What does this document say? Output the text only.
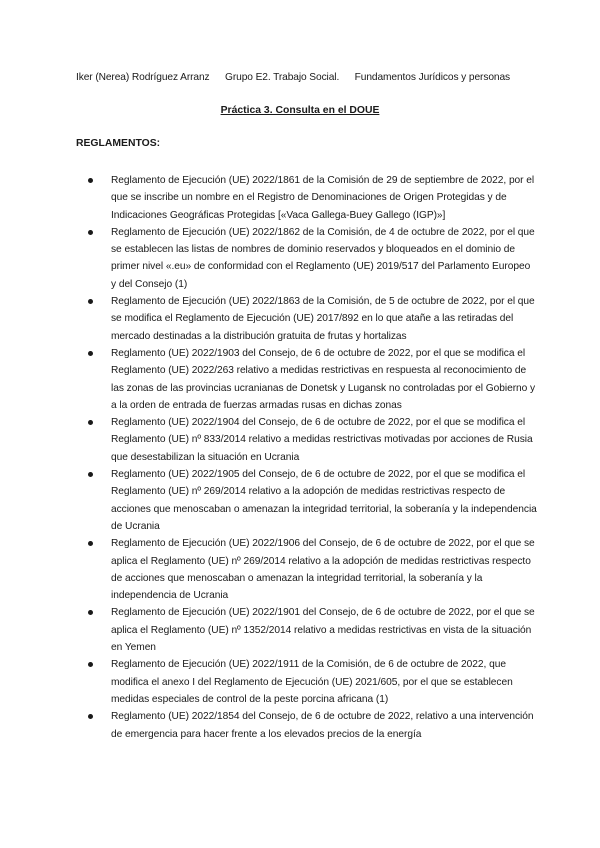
Iker (Nerea) Rodríguez Arranz Grupo E2. Trabajo Social. Fundamentos Jurídicos y personas
Práctica 3. Consulta en el DOUE
REGLAMENTOS:
Reglamento de Ejecución (UE) 2022/1861 de la Comisión de 29 de septiembre de 2022, por el que se inscribe un nombre en el Registro de Denominaciones de Origen Protegidas y de Indicaciones Geográficas Protegidas [«Vaca Gallega-Buey Gallego (IGP)»]
Reglamento de Ejecución (UE) 2022/1862 de la Comisión, de 4 de octubre de 2022, por el que se establecen las listas de nombres de dominio reservados y bloqueados en el dominio de primer nivel «.eu» de conformidad con el Reglamento (UE) 2019/517 del Parlamento Europeo y del Consejo (1)
Reglamento de Ejecución (UE) 2022/1863 de la Comisión, de 5 de octubre de 2022, por el que se modifica el Reglamento de Ejecución (UE) 2017/892 en lo que atañe a las retiradas del mercado destinadas a la distribución gratuita de frutas y hortalizas
Reglamento (UE) 2022/1903 del Consejo, de 6 de octubre de 2022, por el que se modifica el Reglamento (UE) 2022/263 relativo a medidas restrictivas en respuesta al reconocimiento de las zonas de las provincias ucranianas de Donetsk y Lugansk no controladas por el Gobierno y a la orden de entrada de fuerzas armadas rusas en dichas zonas
Reglamento (UE) 2022/1904 del Consejo, de 6 de octubre de 2022, por el que se modifica el Reglamento (UE) nº 833/2014 relativo a medidas restrictivas motivadas por acciones de Rusia que desestabilizan la situación en Ucrania
Reglamento (UE) 2022/1905 del Consejo, de 6 de octubre de 2022, por el que se modifica el Reglamento (UE) nº 269/2014 relativo a la adopción de medidas restrictivas respecto de acciones que menoscaban o amenazan la integridad territorial, la soberanía y la independencia de Ucrania
Reglamento de Ejecución (UE) 2022/1906 del Consejo, de 6 de octubre de 2022, por el que se aplica el Reglamento (UE) nº 269/2014 relativo a la adopción de medidas restrictivas respecto de acciones que menoscaban o amenazan la integridad territorial, la soberanía y la independencia de Ucrania
Reglamento de Ejecución (UE) 2022/1901 del Consejo, de 6 de octubre de 2022, por el que se aplica el Reglamento (UE) nº 1352/2014 relativo a medidas restrictivas en vista de la situación en Yemen
Reglamento de Ejecución (UE) 2022/1911 de la Comisión, de 6 de octubre de 2022, que modifica el anexo I del Reglamento de Ejecución (UE) 2021/605, por el que se establecen medidas especiales de control de la peste porcina africana (1)
Reglamento (UE) 2022/1854 del Consejo, de 6 de octubre de 2022, relativo a una intervención de emergencia para hacer frente a los elevados precios de la energía
